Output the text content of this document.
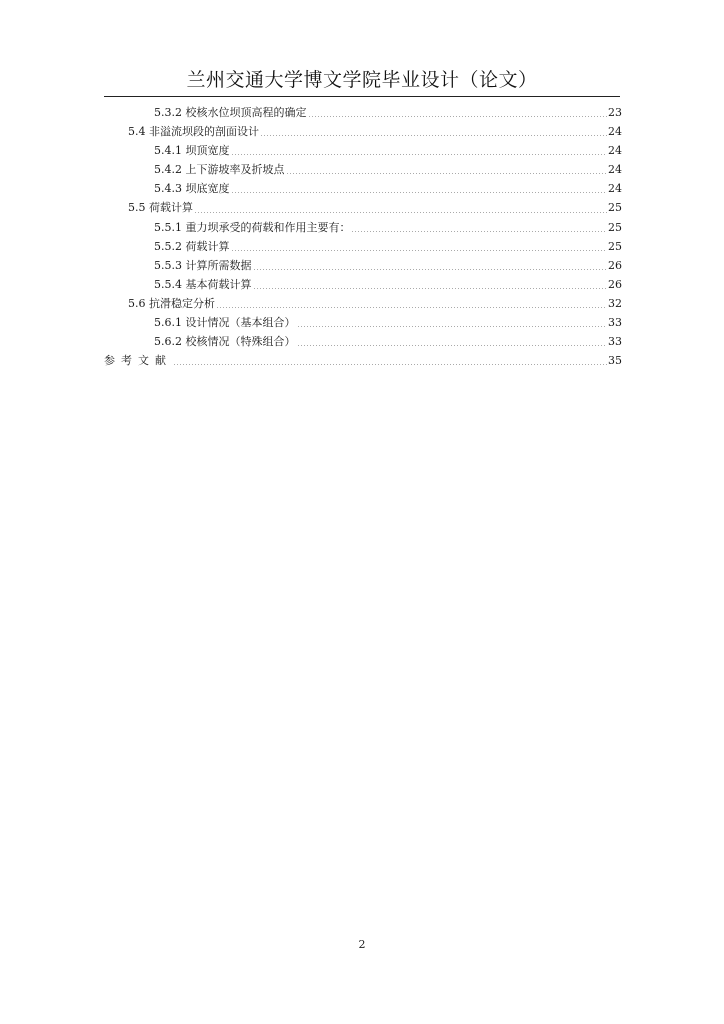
兰州交通大学博文学院毕业设计（论文）
5.3.2 校核水位坝顶高程的确定	23
5.4 非溢流坝段的剖面设计	24
5.4.1 坝顶宽度	24
5.4.2 上下游坡率及折坡点	24
5.4.3 坝底宽度	24
5.5 荷载计算	25
5.5.1 重力坝承受的荷载和作用主要有：	25
5.5.2 荷载计算	25
5.5.3 计算所需数据	26
5.5.4 基本荷载计算	26
5.6 抗滑稳定分析	32
5.6.1 设计情况（基本组合）	33
5.6.2 校核情况（特殊组合）	33
参考文献	35
2
